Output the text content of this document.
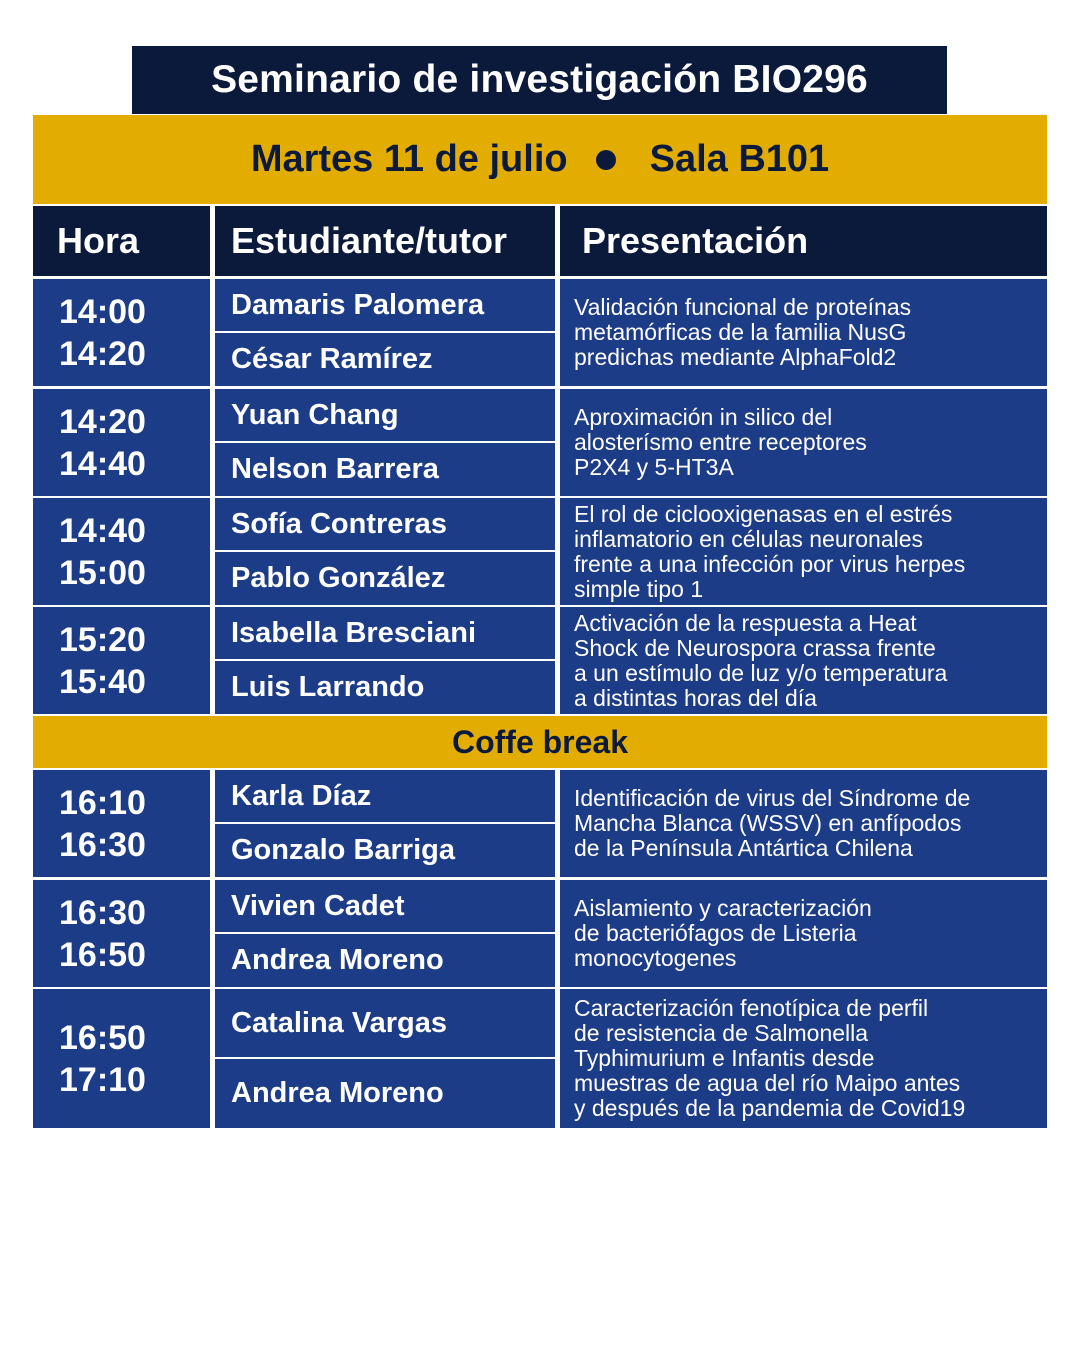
Seminario de investigación BIO296
Martes 11 de julio Sala B101
Hora	Estudiante/tutor Presentación
14:00
14:20
Damaris Palomera
César Ramírez
Validación funcional de proteínas
metamórficas de la familia NusG
predichas mediante AlphaFold2
14:20
14:40
Yuan Chang
Nelson Barrera
Aproximación in silico del
alosterísmo entre receptores
P2X4 y 5-HT3A
14:40
15:00
Sofía Contreras
Pablo González
El rol de ciclooxigenasas en el estrés
inflamatorio en células neuronales
frente a una infección por virus herpes
simple tipo 1
15:20
15:40
Isabella Bresciani
Luis Larrando
Activación de la respuesta a Heat
Shock de Neurospora crassa frente
a un estímulo de luz y/o temperatura
a distintas horas del día
16:10
16:30
Karla Díaz
Gonzalo Barriga
Identificación de virus del Síndrome de
Mancha Blanca (WSSV) en anfípodos
de la Península Antártica Chilena
16:30
16:50
Vivien Cadet
Andrea Moreno
Aislamiento y caracterización
de bacteriófagos de Listeria
monocytogenes
16:50
17:10
Catalina Vargas
Andrea Moreno
Caracterización fenotípica de perfil
de resistencia de Salmonella
Typhimurium e Infantis desde
muestras de agua del río Maipo antes
y después de la pandemia de Covid19
Coffe break
